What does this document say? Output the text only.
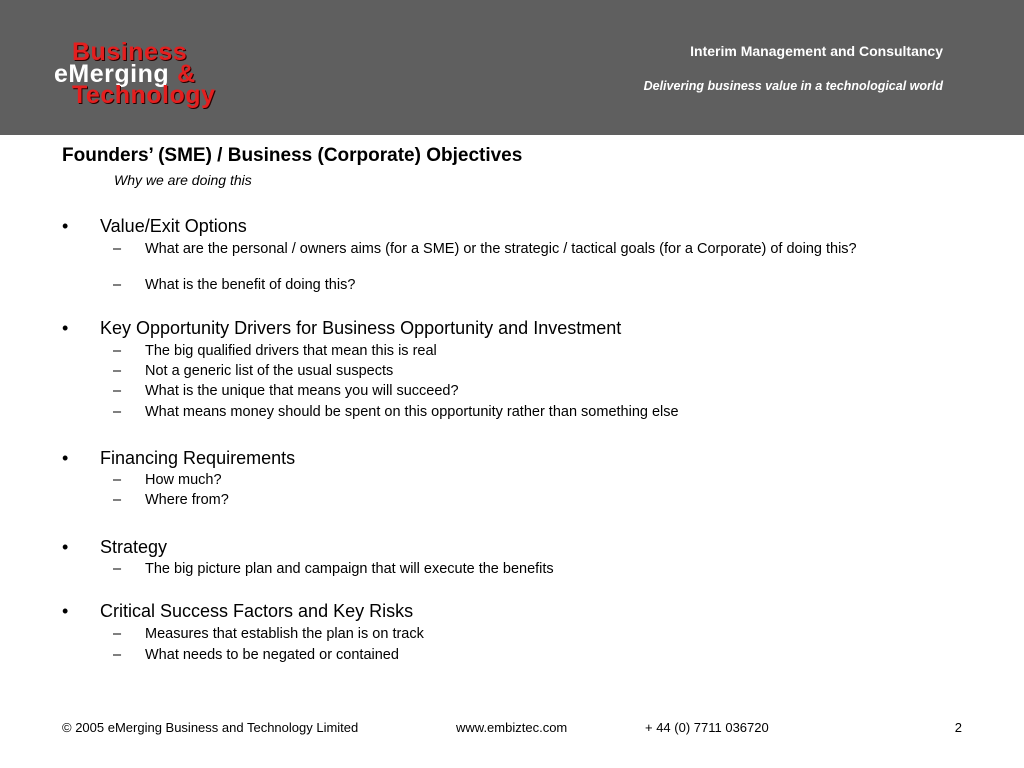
Business
eMerging &
Technology
Interim Management and Consultancy
Delivering business value in a technological world
Founders’ (SME) / Business (Corporate) Objectives
Why we are doing this
• Value/Exit Options
– What are the personal / owners aims (for a SME) or the strategic / tactical goals (for a Corporate) of doing this?
– What is the benefit of doing this?
• Key Opportunity Drivers for Business Opportunity and Investment
– The big qualified drivers that mean this is real
– Not a generic list of the usual suspects
– What is the unique that means you will succeed?
– What means money should be spent on this opportunity rather than something else
• Financing Requirements
– How much?
– Where from?
• Strategy
– The big picture plan and campaign that will execute the benefits
• Critical Success Factors and Key Risks
– Measures that establish the plan is on track
– What needs to be negated or contained
© 2005 eMerging Business and Technology Limited	www.embiztec.com	+ 44 (0) 7711 036720	2
